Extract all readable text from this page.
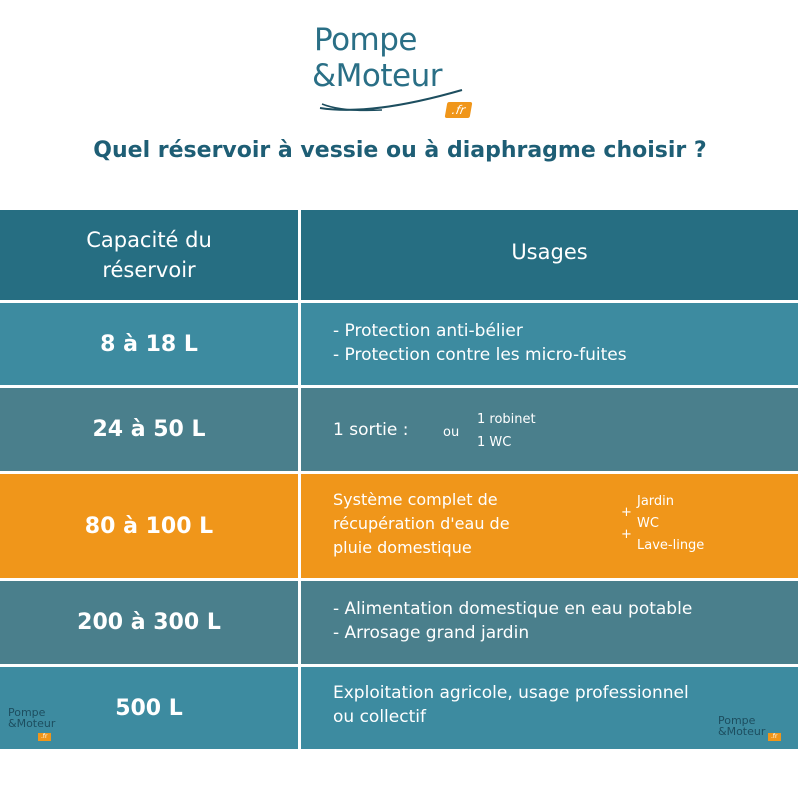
Pompe
&Moteur
.fr
Quel réservoir à vessie ou à diaphragme choisir ?
Capacité du
réservoir
Usages
8 à 18 L
- Protection anti-bélier
- Protection contre les micro-fuites
24 à 50 L	1 sortie :	ou
1 robinet
1 WC
80 à 100 L
Système complet de
récupération d'eau de
pluie domestique
Jardin
+
WC
+
Lave-linge
200 à 300 L
- Alimentation domestique en eau potable
- Arrosage grand jardin
500 L
Exploitation agricole, usage professionnel
ou collectif
Pompe
&Moteur
.fr
Pompe
&Moteur .fr
